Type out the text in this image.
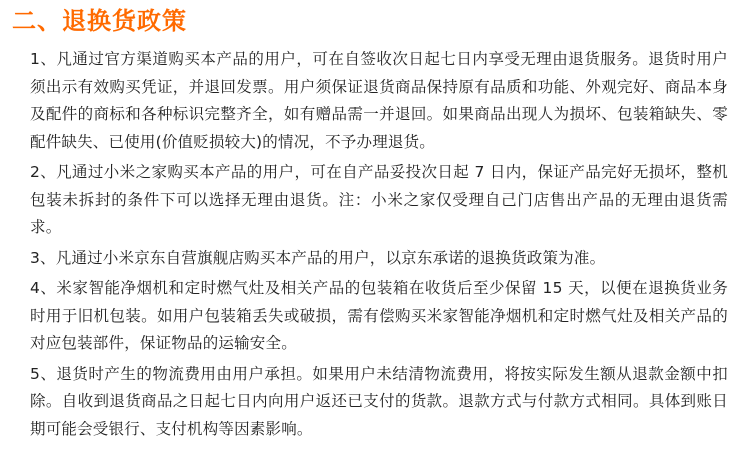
二、退换货政策
1、凡通过官方渠道购买本产品的用户，可在自签收次日起七日内享受无理由退货服务。退货时用户须出示有效购买凭证，并退回发票。用户须保证退货商品保持原有品质和功能、外观完好、商品本身及配件的商标和各种标识完整齐全，如有赠品需一并退回。如果商品出现人为损坏、包装箱缺失、零配件缺失、已使用(价值贬损较大)的情况，不予办理退货。
2、凡通过小米之家购买本产品的用户，可在自产品妥投次日起 7 日内，保证产品完好无损坏，整机包装未拆封的条件下可以选择无理由退货。注：小米之家仅受理自己门店售出产品的无理由退货需求。
3、凡通过小米京东自营旗舰店购买本产品的用户，以京东承诺的退换货政策为准。
4、米家智能净烟机和定时燃气灶及相关产品的包装箱在收货后至少保留 15 天，以便在退换货业务时用于旧机包装。如用户包装箱丢失或破损，需有偿购买米家智能净烟机和定时燃气灶及相关产品的对应包装部件，保证物品的运输安全。
5、退货时产生的物流费用由用户承担。如果用户未结清物流费用，将按实际发生额从退款金额中扣除。自收到退货商品之日起七日内向用户返还已支付的货款。退款方式与付款方式相同。具体到账日期可能会受银行、支付机构等因素影响。
